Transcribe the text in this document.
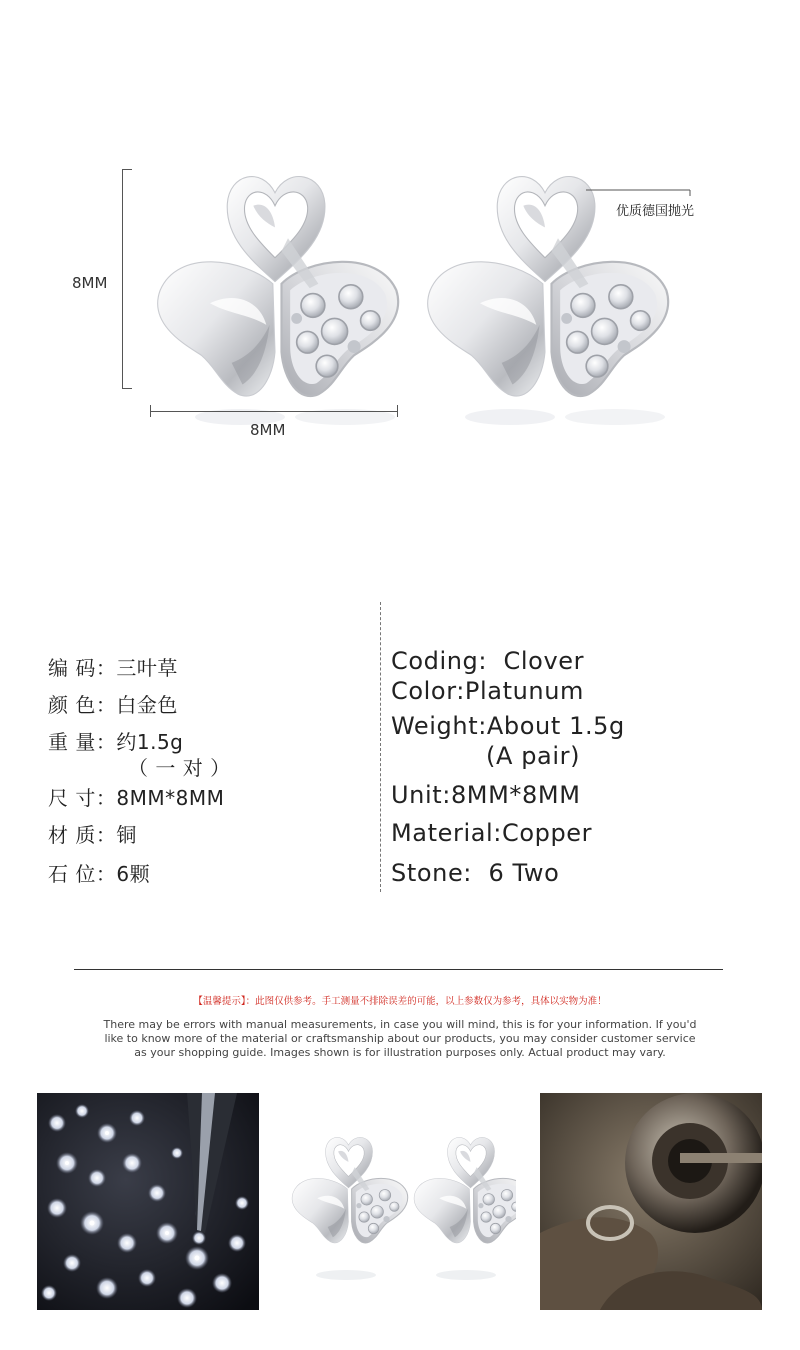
8MM
8MM
优质德国抛光
编 码：三叶草
颜 色：白金色
重 量：约1.5g
（ 一 对 ）
尺 寸：8MM*8MM
材 质：铜
石 位：6颗
Coding:  Clover
Color:Platunum
Weight:About 1.5g
(A pair)
Unit:8MM*8MM
Material:Copper
Stone:  6 Two
【温馨提示】：此图仅供参考。手工测量不排除误差的可能，以上参数仅为参考，具体以实物为准！
There may be errors with manual measurements, in case you will mind, this is for your information. If you'd
like to know more of the material or craftsmanship about our products, you may consider customer service
as your shopping guide. Images shown is for illustration purposes only. Actual product may vary.
